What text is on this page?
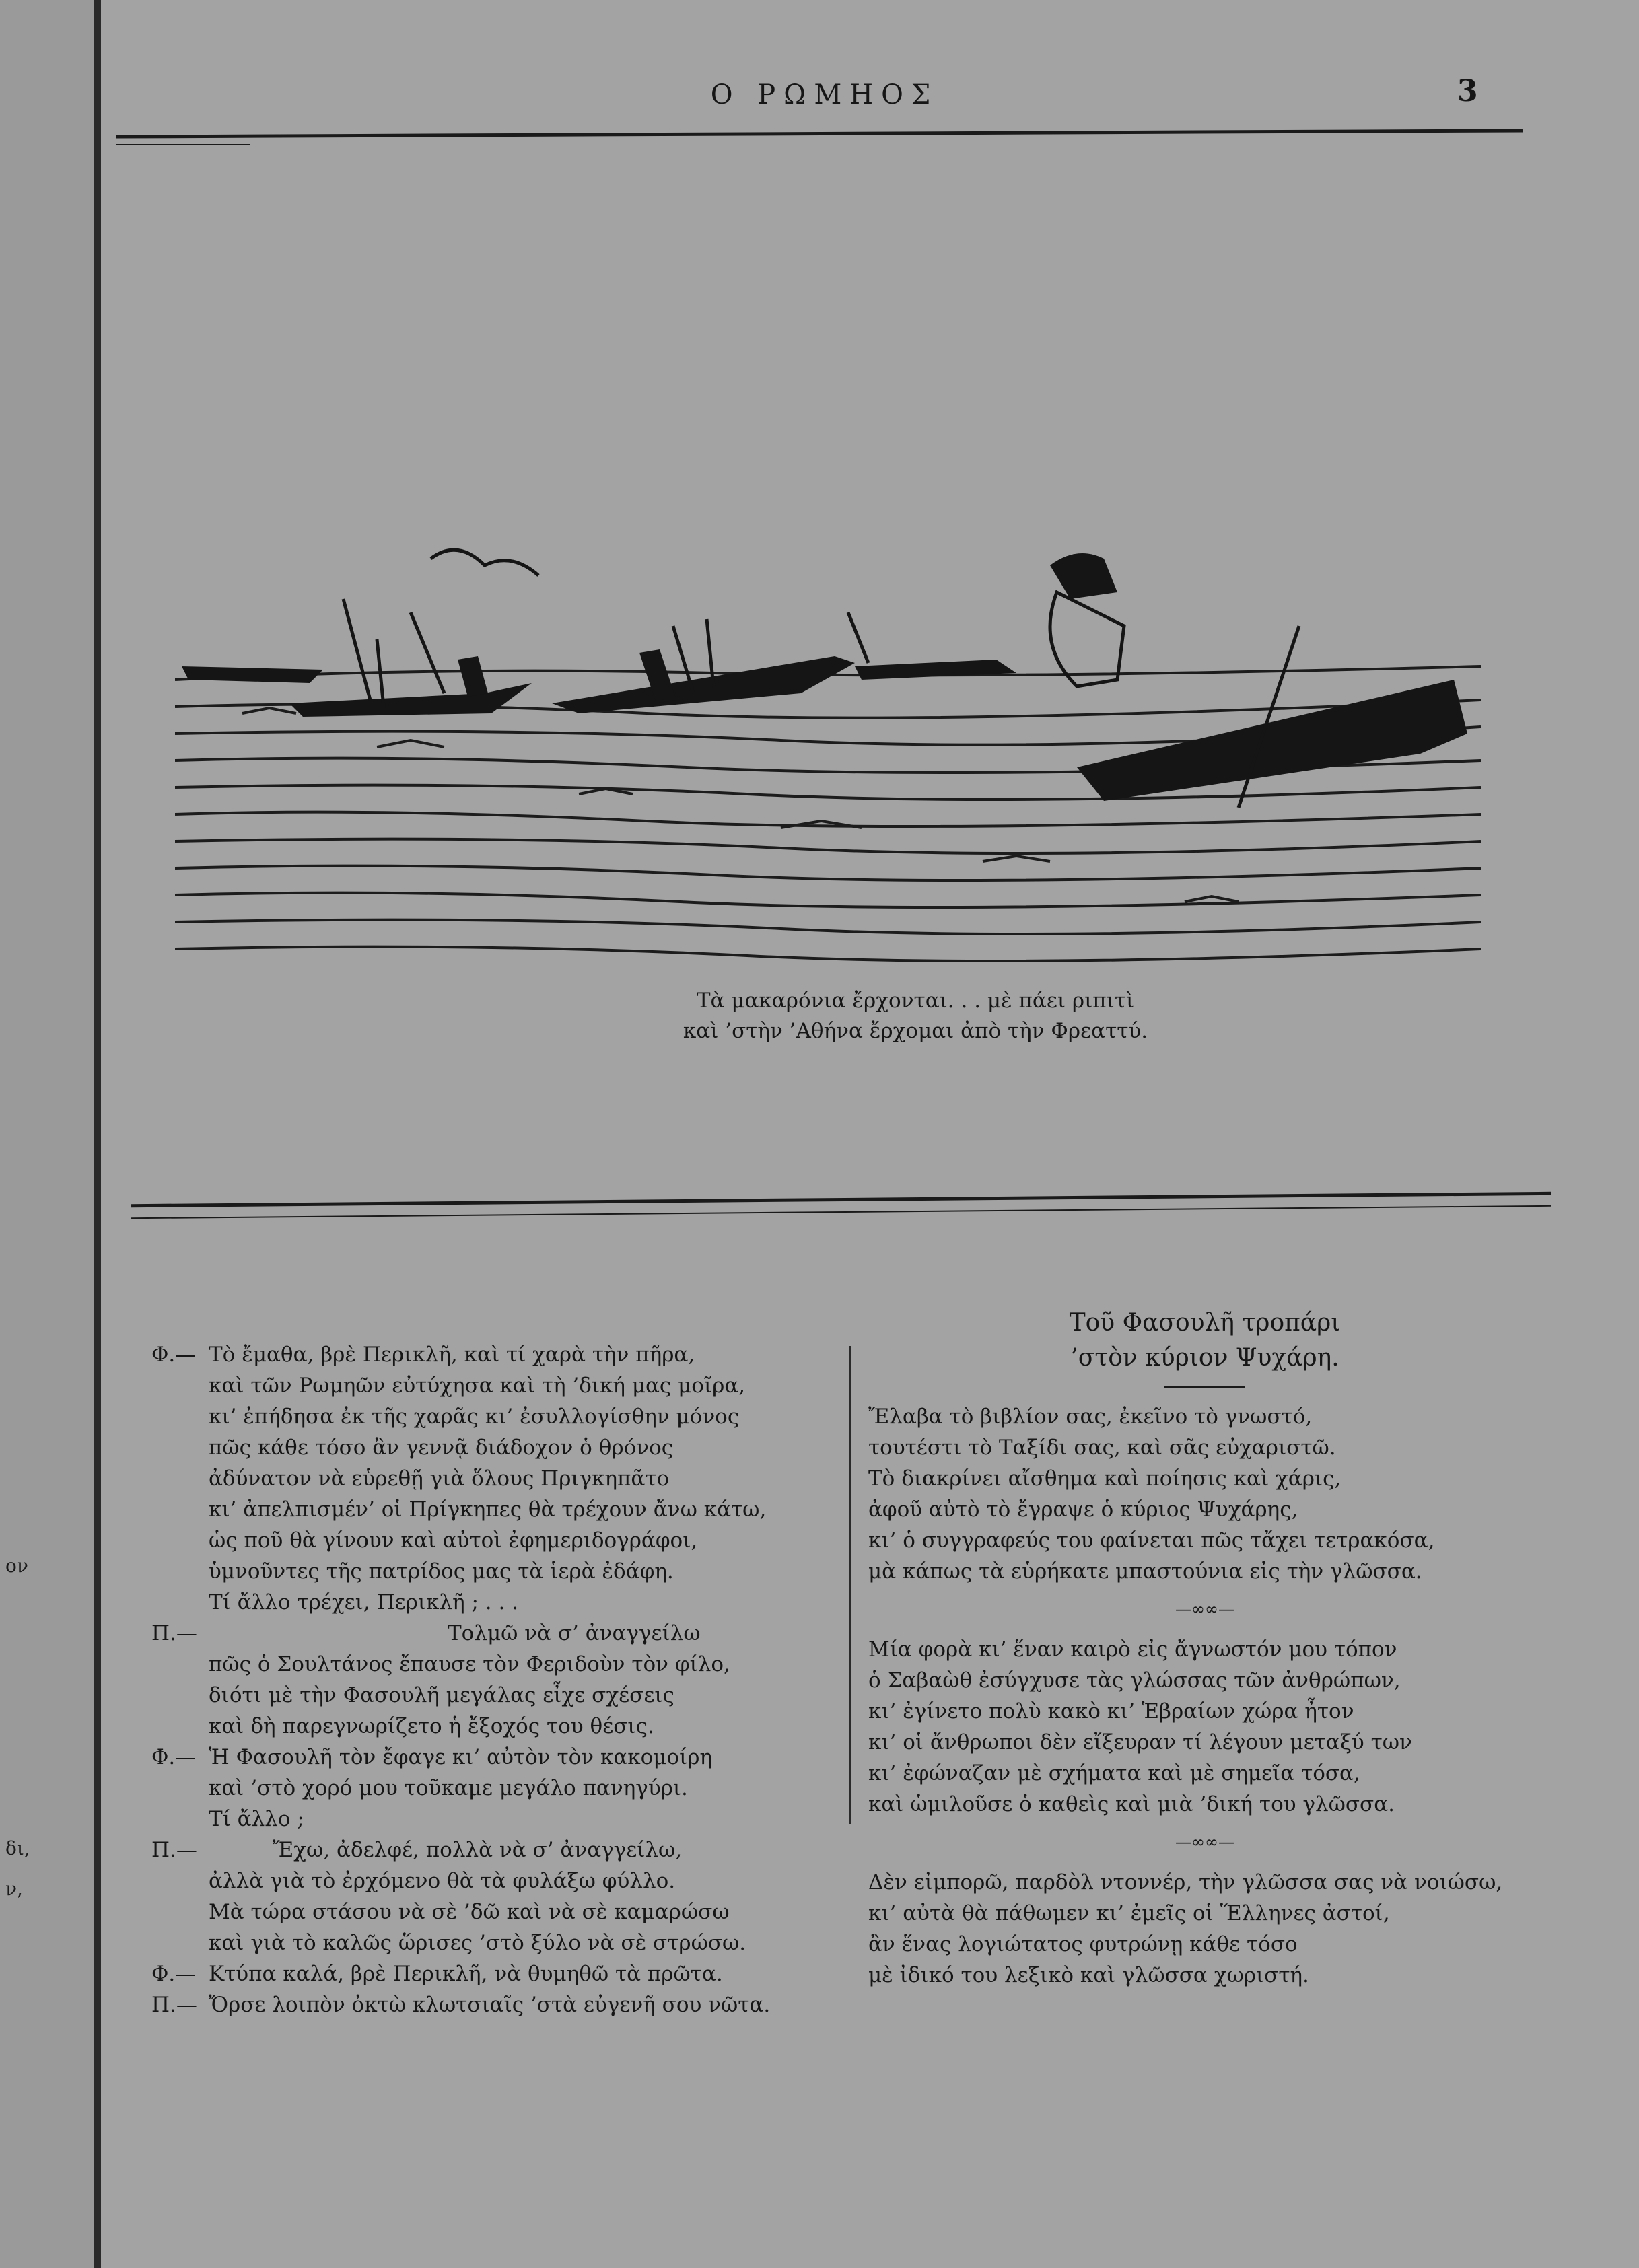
ον
δι,
ν,
Ο ΡΩΜΗΟΣ	3
Τὰ μακαρόνια ἔρχονται. . . μὲ πάει ριπιτὶ
καὶ ’στὴν ’Αθήνα ἔρχομαι ἀπὸ τὴν Φρεαττύ.
Φ.— Τὸ ἔμαθα, βρὲ Περικλῆ, καὶ τί χαρὰ τὴν πῆρα,
καὶ τῶν Ρωμηῶν εὐτύχησα καὶ τὴ ’δική μας μοῖρα,
κι’ ἐπήδησα ἐκ τῆς χαρᾶς κι’ ἐσυλλογίσθην μόνος
πῶς κάθε τόσο ἂν γεννᾷ διάδοχον ὁ θρόνος
ἀδύνατον νὰ εὑρεθῇ γιὰ ὅλους Πριγκηπᾶτο
κι’ ἀπελπισμέν’ οἱ Πρίγκηπες θὰ τρέχουν ἄνω κάτω,
ὡς ποῦ θὰ γίνουν καὶ αὐτοὶ ἐφημεριδογράφοι,
ὑμνοῦντες τῆς πατρίδος μας τὰ ἱερὰ ἐδάφη.
Τί ἄλλο τρέχει, Περικλῆ ; . . .
Π.—	Τολμῶ νὰ σ’ ἀναγγείλω
πῶς ὁ Σουλτάνος ἔπαυσε τὸν Φεριδοὺν τὸν φίλο,
διότι μὲ τὴν Φασουλῆ μεγάλας εἶχε σχέσεις
καὶ δὴ παρεγνωρίζετο ἡ ἔξοχός του θέσις.
Φ.— Ἡ Φασουλῆ τὸν ἔφαγε κι’ αὐτὸν τὸν κακομοίρη
καὶ ’στὸ χορό μου τοῦκαμε μεγάλο πανηγύρι.
Τί ἄλλο ;
Π.—	Ἔχω, ἀδελφέ, πολλὰ νὰ σ’ ἀναγγείλω,
ἀλλὰ γιὰ τὸ ἐρχόμενο θὰ τὰ φυλάξω φύλλο.
Μὰ τώρα στάσου νὰ σὲ ’δῶ καὶ νὰ σὲ καμαρώσω
καὶ γιὰ τὸ καλῶς ὥρισες ’στὸ ξύλο νὰ σὲ στρώσω.
Φ.— Κτύπα καλά, βρὲ Περικλῆ, νὰ θυμηθῶ τὰ πρῶτα.
Π.— Ὄρσε λοιπὸν ὀκτὼ κλωτσιαῖς ’στὰ εὐγενῆ σου νῶτα.
Τοῦ Φασουλῆ τροπάρι
’στὸν κύριον Ψυχάρη.
Ἔλαβα τὸ βιβλίον σας, ἐκεῖνο τὸ γνωστό,
τουτέστι τὸ Ταξίδι σας, καὶ σᾶς εὐχαριστῶ.
Τὸ διακρίνει αἴσθημα καὶ ποίησις καὶ χάρις,
ἀφοῦ αὐτὸ τὸ ἔγραψε ὁ κύριος Ψυχάρης,
κι’ ὁ συγγραφεύς του φαίνεται πῶς τἄχει τετρακόσα,
μὰ κάπως τὰ εὑρήκατε μπαστούνια εἰς τὴν γλῶσσα.
—∞∞—
Μία φορὰ κι’ ἕναν καιρὸ εἰς ἄγνωστόν μου τόπον
ὁ Σαβαὼθ ἐσύγχυσε τὰς γλώσσας τῶν ἀνθρώπων,
κι’ ἐγίνετο πολὺ κακὸ κι’ Ἑβραίων χώρα ἦτον
κι’ οἱ ἄνθρωποι δὲν εἴξευραν τί λέγουν μεταξύ των
κι’ ἐφώναζαν μὲ σχήματα καὶ μὲ σημεῖα τόσα,
καὶ ὡμιλοῦσε ὁ καθεὶς καὶ μιὰ ’δική του γλῶσσα.
—∞∞—
Δὲν εἰμπορῶ, παρδὸλ ντοννέρ, τὴν γλῶσσα σας νὰ νοιώσω,
κι’ αὐτὰ θὰ πάθωμεν κι’ ἐμεῖς οἱ Ἕλληνες ἀστοί,
ἂν ἕνας λογιώτατος φυτρώνῃ κάθε τόσο
μὲ ἰδικό του λεξικὸ καὶ γλῶσσα χωριστή.
